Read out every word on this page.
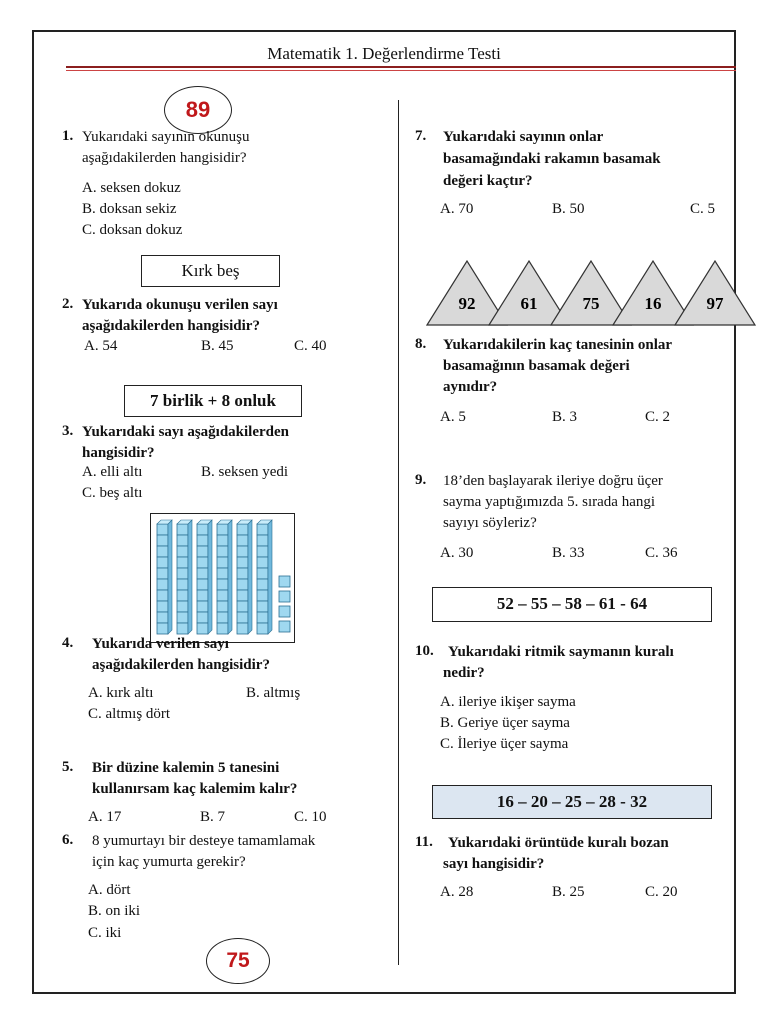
Matematik 1. Değerlendirme Testi
89
1. Yukarıdaki sayının okunuşu
aşağıdakilerden hangisidir?
A. seksen dokuz
B. doksan sekiz
C. doksan dokuz
Kırk beş
2. Yukarıda okunuşu verilen sayı
aşağıdakilerden hangisidir?
A. 54	B. 45	C. 40
7 birlik + 8 onluk
3. Yukarıdaki sayı aşağıdakilerden
hangisidir?
A. elli altı	B. seksen yedi
C. beş altı
4. Yukarıda verilen sayı
aşağıdakilerden hangisidir?
A. kırk altı	B. altmış
C. altmış dört
5. Bir düzine kalemin 5 tanesini
kullanırsam kaç kalemim kalır?
A. 17	B. 7	C. 10
6. 8 yumurtayı bir desteye tamamlamak
için kaç yumurta gerekir?
A. dört
B. on iki
C. iki
75
7. Yukarıdaki sayının onlar
basamağındaki rakamın basamak
değeri kaçtır?
A. 70	B. 50	C. 5
92	61	75	16	97
8. Yukarıdakilerin kaç tanesinin onlar
basamağının basamak değeri
aynıdır?
A. 5	B. 3	C. 2
9. 18’den başlayarak ileriye doğru üçer
sayma yaptığımızda 5. sırada hangi
sayıyı söyleriz?
A. 30	B. 33	C. 36
52 – 55 – 58 – 61 - 64
10. Yukarıdaki ritmik saymanın kuralı
nedir?
A. ileriye ikişer sayma
B. Geriye üçer sayma
C. İleriye üçer sayma
16 – 20 – 25 – 28 - 32
11. Yukarıdaki örüntüde kuralı bozan
sayı hangisidir?
A. 28	B. 25	C. 20
